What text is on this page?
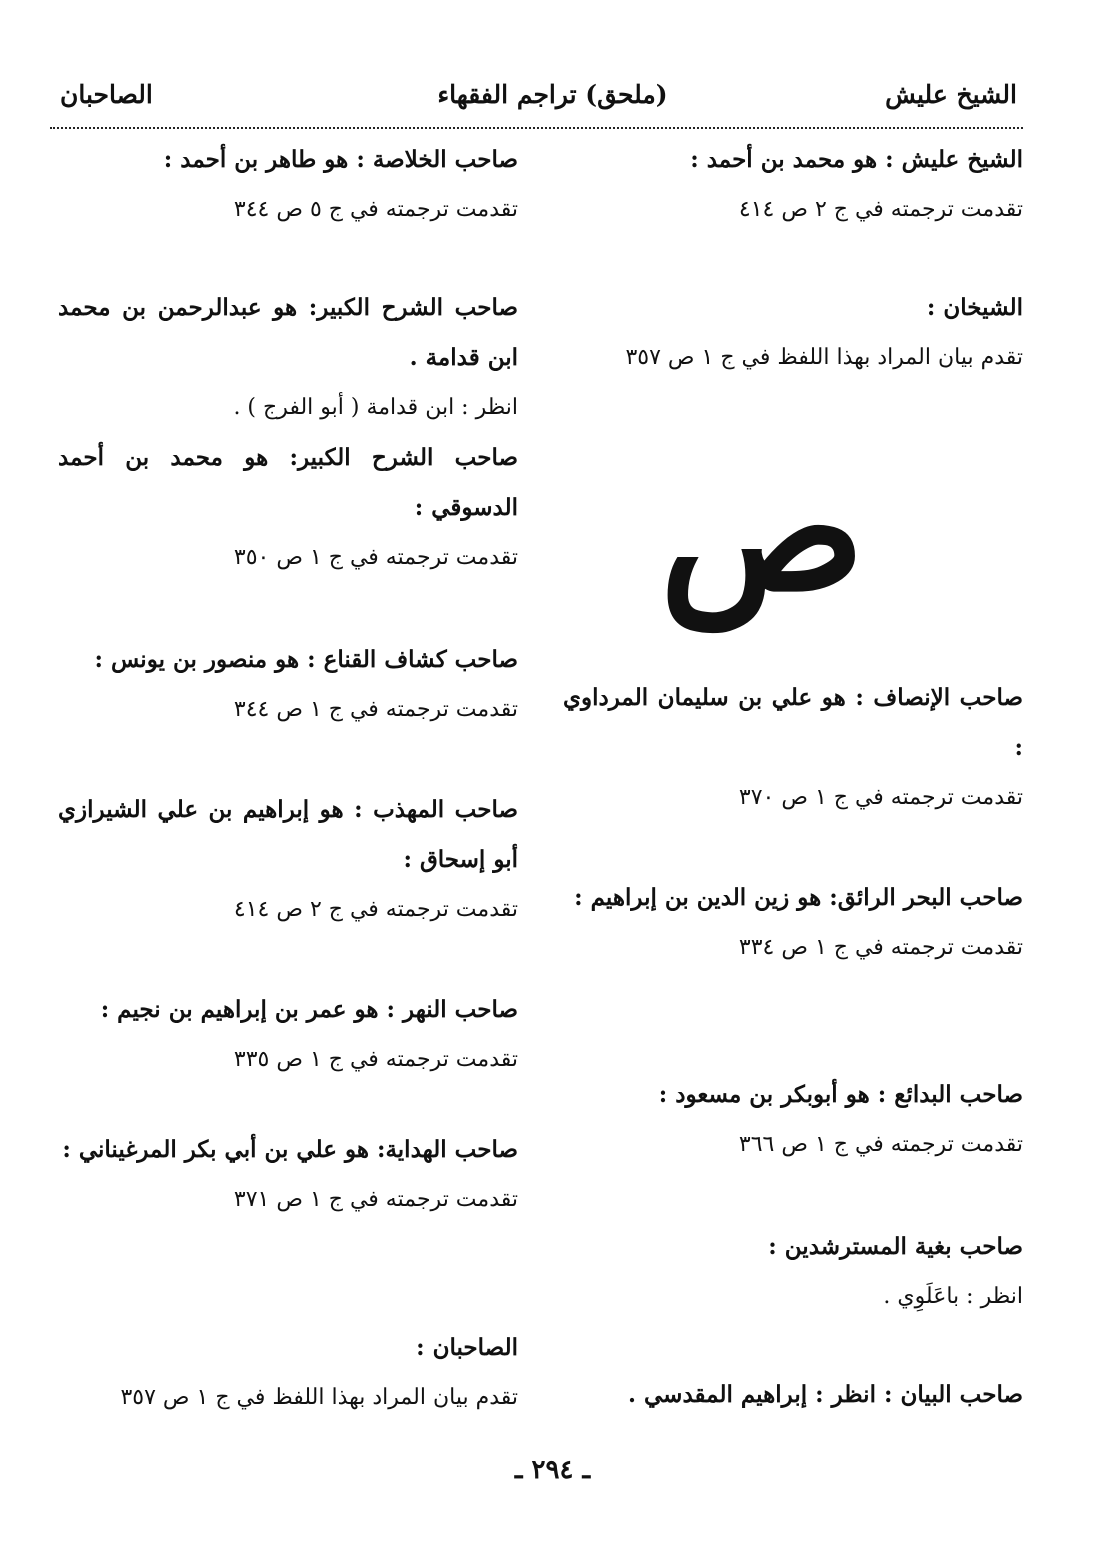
الشيخ عليش
(ملحق) تراجم الفقهاء
الصاحبان
الشيخ عليش : هو محمد بن أحمد :
تقدمت ترجمته في ج ٢ ص ٤١٤
الشيخان :
تقدم بيان المراد بهذا اللفظ في ج ١ ص ٣٥٧
صاحب الإنصاف : هو علي بن سليمان المرداوي :
تقدمت ترجمته في ج ١ ص ٣٧٠
صاحب البحر الرائق: هو زين الدين بن إبراهيم :
تقدمت ترجمته في ج ١ ص ٣٣٤
صاحب البدائع : هو أبوبكر بن مسعود :
تقدمت ترجمته في ج ١ ص ٣٦٦
صاحب بغية المسترشدين :
انظر : باعَلَوِي .
صاحب البيان : انظر : إبراهيم المقدسي .
ص
صاحب الخلاصة : هو طاهر بن أحمد :
تقدمت ترجمته في ج ٥ ص ٣٤٤
صاحب الشرح الكبير: هو عبدالرحمن بن محمد ابن قدامة .
انظر : ابن قدامة ( أبو الفرج ) .
صاحب الشرح الكبير: هو محمد بن أحمد الدسوقي :
تقدمت ترجمته في ج ١ ص ٣٥٠
صاحب كشاف القناع : هو منصور بن يونس :
تقدمت ترجمته في ج ١ ص ٣٤٤
صاحب المهذب : هو إبراهيم بن علي الشيرازي أبو إسحاق :
تقدمت ترجمته في ج ٢ ص ٤١٤
صاحب النهر : هو عمر بن إبراهيم بن نجيم :
تقدمت ترجمته في ج ١ ص ٣٣٥
صاحب الهداية: هو علي بن أبي بكر المرغيناني :
تقدمت ترجمته في ج ١ ص ٣٧١
الصاحبان :
تقدم بيان المراد بهذا اللفظ في ج ١ ص ٣٥٧
ـ ٢٩٤ ـ
